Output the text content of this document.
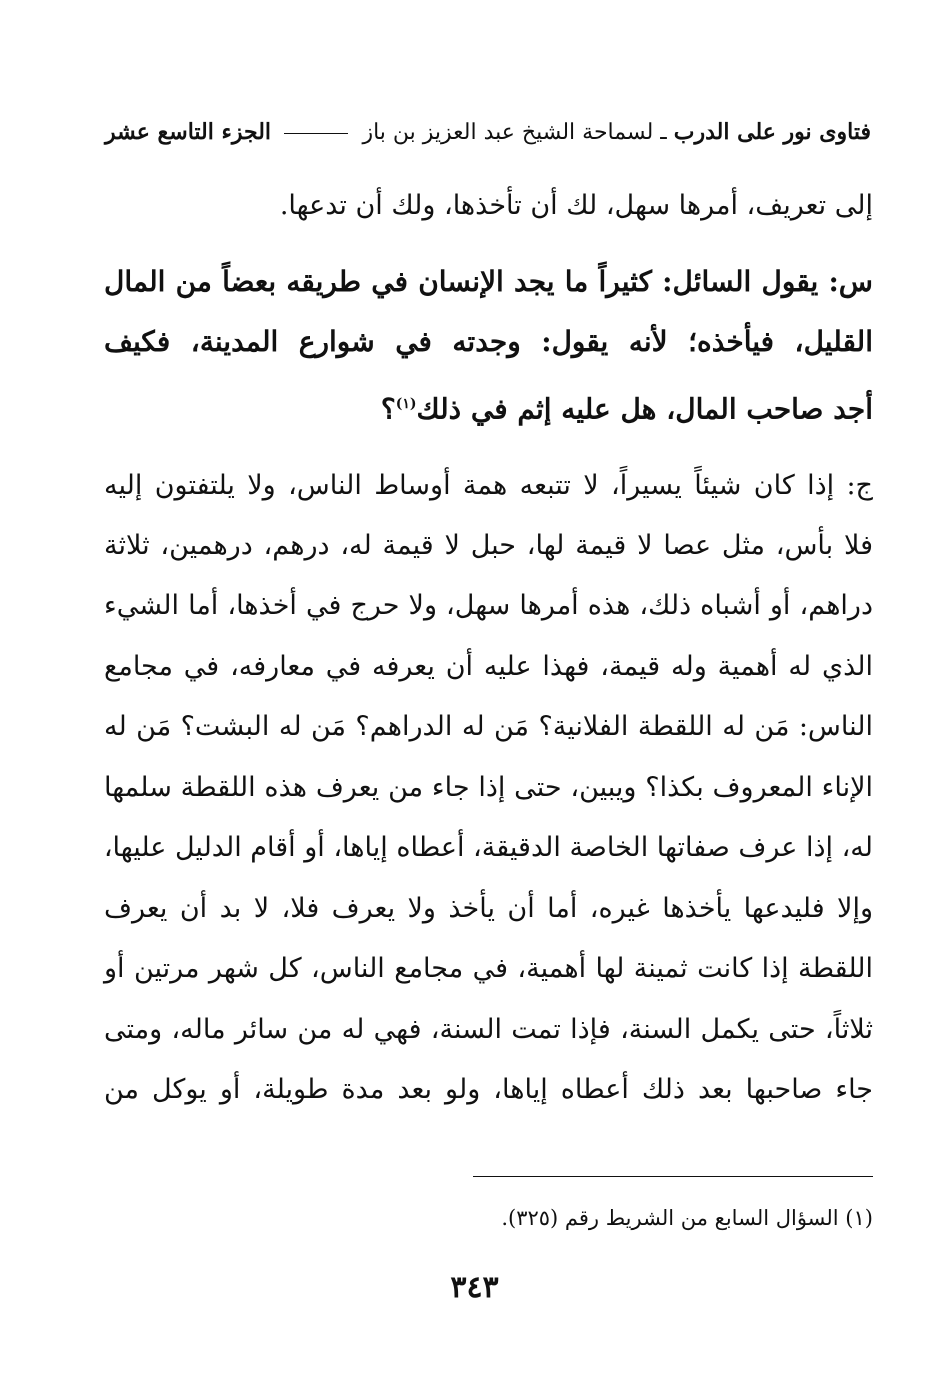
فتاوى نور على الدرب ـ لسماحة الشيخ عبد العزيز بن باز
الجزء التاسع عشر
إلى تعريف، أمرها سهل، لك أن تأخذها، ولك أن تدعها.
س: يقول السائل: كثيراً ما يجد الإنسان في طريقه بعضاً من المال
القليل، فيأخذه؛ لأنه يقول: وجدته في شوارع المدينة، فكيف
أجد صاحب المال، هل عليه إثم في ذلك$^{(١)}$؟
ج: إذا كان شيئاً يسيراً، لا تتبعه همة أوساط الناس، ولا يلتفتون إليه
فلا بأس، مثل عصا لا قيمة لها، حبل لا قيمة له، درهم، درهمين، ثلاثة
دراهم، أو أشباه ذلك، هذه أمرها سهل، ولا حرج في أخذها، أما الشيء
الذي له أهمية وله قيمة، فهذا عليه أن يعرفه في معارفه، في مجامع
الناس: مَن له اللقطة الفلانية؟ مَن له الدراهم؟ مَن له البشت؟ مَن له
الإناء المعروف بكذا؟ ويبين، حتى إذا جاء من يعرف هذه اللقطة سلمها
له، إذا عرف صفاتها الخاصة الدقيقة، أعطاه إياها، أو أقام الدليل عليها،
وإلا فليدعها يأخذها غيره، أما أن يأخذ ولا يعرف فلا، لا بد أن يعرف
اللقطة إذا كانت ثمينة لها أهمية، في مجامع الناس، كل شهر مرتين أو
ثلاثاً، حتى يكمل السنة، فإذا تمت السنة، فهي له من سائر ماله، ومتى
جاء صاحبها بعد ذلك أعطاه إياها، ولو بعد مدة طويلة، أو يوكل من
(١) السؤال السابع من الشريط رقم (٣٢٥).
٣٤٣
